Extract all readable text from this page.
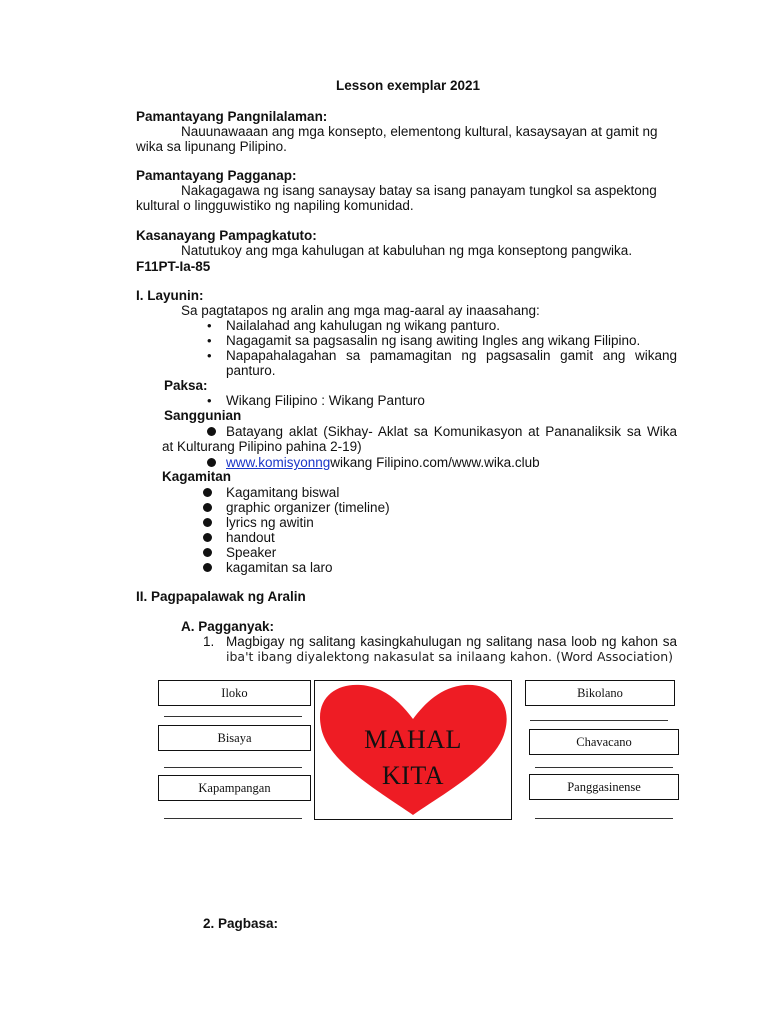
Lesson exemplar 2021
Pamantayang Pangnilalaman:
Nauunawaaan ang mga konsepto, elementong kultural, kasaysayan at gamit ng
wika sa lipunang Pilipino.
Pamantayang Pagganap:
Nakagagawa ng isang sanaysay batay sa isang panayam tungkol sa aspektong
kultural o lingguwistiko ng napiling komunidad.
Kasanayang Pampagkatuto:
Natutukoy ang mga kahulugan at kabuluhan ng mga konseptong pangwika.
F11PT-Ia-85
I. Layunin:
Sa pagtatapos ng aralin ang mga mag-aaral ay inaasahang:
• Nailalahad ang kahulugan ng wikang panturo.
• Nagagamit sa pagsasalin ng isang awiting Ingles ang wikang Filipino.
• Napapahalagahan sa pamamagitan ng pagsasalin gamit ang wikang
panturo.
Paksa:
• Wikang Filipino : Wikang Panturo
Sanggunian
Batayang aklat (Sikhay- Aklat sa Komunikasyon at Pananaliksik sa Wika
at Kulturang Pilipino pahina 2-19)
www.komisyonngwikang Filipino.com/www.wika.club
Kagamitan
Kagamitang biswal
graphic organizer (timeline)
lyrics ng awitin
handout
Speaker
kagamitan sa laro
II. Pagpapalawak ng Aralin
A. Pagganyak:
1. Magbigay ng salitang kasingkahulugan ng salitang nasa loob ng kahon sa
iba't ibang diyalektong nakasulat sa inilaang kahon. (Word Association)
Iloko
Bisaya
Kapampangan
MAHAL
KITA
Bikolano
Chavacano
Panggasinense
2. Pagbasa:
